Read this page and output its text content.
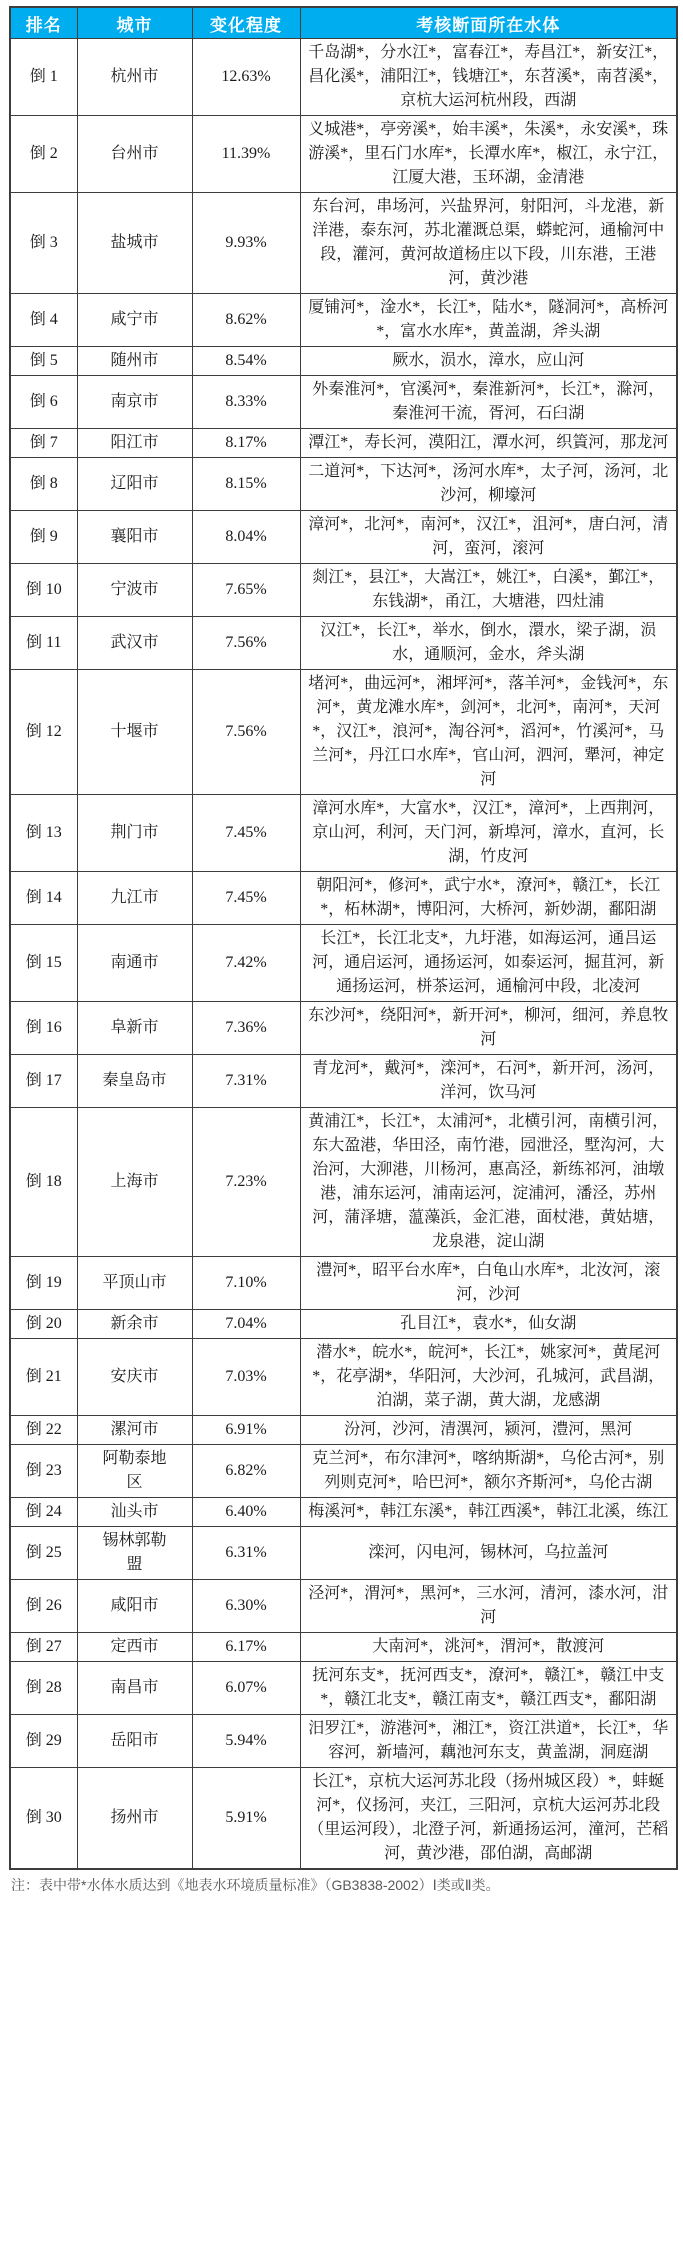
排名	城市	变化程度	考核断面所在水体
倒 1	杭州市	12.63%	千岛湖*，分水江*，富春江*，寿昌江*，新安江*，昌化溪*，浦阳江*，钱塘江*，东苕溪*，南苕溪*，京杭大运河杭州段，西湖
倒 2	台州市	11.39%	义城港*，亭旁溪*，始丰溪*，朱溪*，永安溪*，珠游溪*，里石门水库*，长潭水库*，椒江，永宁江，江厦大港，玉环湖，金清港
倒 3	盐城市	9.93%	东台河，串场河，兴盐界河，射阳河，斗龙港，新洋港，泰东河，苏北灌溉总渠，蟒蛇河，通榆河中段，灌河，黄河故道杨庄以下段，川东港，王港河，黄沙港
倒 4	咸宁市	8.62%	厦铺河*，淦水*，长江*，陆水*，隧洞河*，高桥河*，富水水库*，黄盖湖，斧头湖
倒 5	随州市	8.54%	厥水，涢水，漳水，应山河
倒 6	南京市	8.33%	外秦淮河*，官溪河*，秦淮新河*，长江*，滁河，秦淮河干流，胥河，石臼湖
倒 7	阳江市	8.17%	潭江*，寿长河，漠阳江，潭水河，织篢河，那龙河
倒 8	辽阳市	8.15%	二道河*，下达河*，汤河水库*，太子河，汤河，北沙河，柳壕河
倒 9	襄阳市	8.04%	漳河*，北河*，南河*，汉江*，沮河*，唐白河，清河，蛮河，滚河
倒 10	宁波市	7.65%	剡江*，县江*，大嵩江*，姚江*，白溪*，鄞江*，东钱湖*，甬江，大塘港，四灶浦
倒 11	武汉市	7.56%	汉江*，长江*，举水，倒水，澴水，梁子湖，涢水，通顺河，金水，斧头湖
倒 12	十堰市	7.56%	堵河*，曲远河*，湘坪河*，落羊河*，金钱河*，东河*，黄龙滩水库*，剑河*，北河*，南河*，天河*，汉江*，浪河*，淘谷河*，滔河*，竹溪河*，马兰河*，丹江口水库*，官山河，泗河，犟河，神定河
倒 13	荆门市	7.45%	漳河水库*，大富水*，汉江*，漳河*，上西荆河，京山河，利河，天门河，新埠河，漳水，直河，长湖，竹皮河
倒 14	九江市	7.45%	朝阳河*，修河*，武宁水*，潦河*，赣江*，长江*，柘林湖*，博阳河，大桥河，新妙湖，鄱阳湖
倒 15	南通市	7.42%	长江*，长江北支*，九圩港，如海运河，通吕运河，通启运河，通扬运河，如泰运河，掘苴河，新通扬运河，栟茶运河，通榆河中段，北凌河
倒 16	阜新市	7.36%	东沙河*，绕阳河*，新开河*，柳河，细河，养息牧河
倒 17	秦皇岛市	7.31%	青龙河*，戴河*，滦河*，石河*，新开河，汤河，洋河，饮马河
倒 18	上海市	7.23%	黄浦江*，长江*，太浦河*，北横引河，南横引河，东大盈港，华田泾，南竹港，园泄泾，墅沟河，大治河，大泖港，川杨河，惠高泾，新练祁河，油墩港，浦东运河，浦南运河，淀浦河，潘泾，苏州河，蒲泽塘，蕰藻浜，金汇港，面杖港，黄姑塘，龙泉港，淀山湖
倒 19	平顶山市	7.10%	澧河*，昭平台水库*，白龟山水库*，北汝河，滚河，沙河
倒 20	新余市	7.04%	孔目江*，袁水*，仙女湖
倒 21	安庆市	7.03%	潜水*，皖水*，皖河*，长江*，姚家河*，黄尾河*，花亭湖*，华阳河，大沙河，孔城河，武昌湖，泊湖，菜子湖，黄大湖，龙感湖
倒 22	漯河市	6.91%	汾河，沙河，清潩河，颍河，澧河，黑河
倒 23	阿勒泰地区	6.82%	克兰河*，布尔津河*，喀纳斯湖*，乌伦古河*，别列则克河*，哈巴河*，额尔齐斯河*，乌伦古湖
倒 24	汕头市	6.40%	梅溪河*，韩江东溪*，韩江西溪*，韩江北溪，练江
倒 25	锡林郭勒盟	6.31%	滦河，闪电河，锡林河，乌拉盖河
倒 26	咸阳市	6.30%	泾河*，渭河*，黑河*，三水河，清河，漆水河，泔河
倒 27	定西市	6.17%	大南河*，洮河*，渭河*，散渡河
倒 28	南昌市	6.07%	抚河东支*，抚河西支*，潦河*，赣江*，赣江中支*，赣江北支*，赣江南支*，赣江西支*，鄱阳湖
倒 29	岳阳市	5.94%	汨罗江*，游港河*，湘江*，资江洪道*，长江*，华容河，新墙河，藕池河东支，黄盖湖，洞庭湖
倒 30	扬州市	5.91%	长江*，京杭大运河苏北段（扬州城区段）*，蚌蜒河*，仪扬河，夹江，三阳河，京杭大运河苏北段（里运河段），北澄子河，新通扬运河，潼河，芒稻河，黄沙港，邵伯湖，高邮湖
注：表中带*水体水质达到《地表水环境质量标准》（GB3838-2002）Ⅰ类或Ⅱ类。
